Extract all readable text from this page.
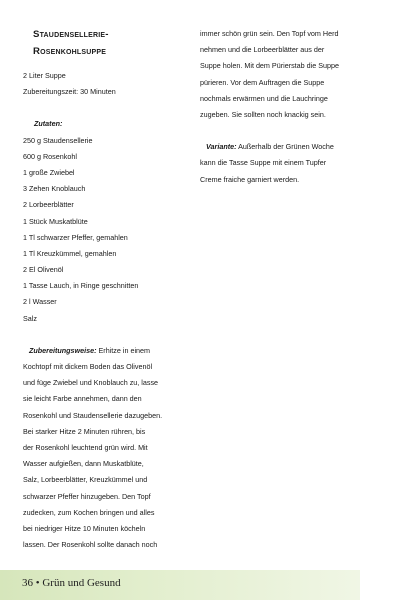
Staudensellerie-
Rosenkohlsuppe
2 Liter Suppe
Zubereitungszeit: 30 Minuten
Zutaten:
250 g Staudensellerie
600 g Rosenkohl
1 große Zwiebel
3 Zehen Knoblauch
2 Lorbeerblätter
1 Stück Muskatblüte
1 Tl schwarzer Pfeffer, gemahlen
1 Tl Kreuzkümmel, gemahlen
2 El Olivenöl
1 Tasse Lauch, in Ringe geschnitten
2 l Wasser
Salz
Zubereitungsweise: Erhitze in einem
Kochtopf mit dickem Boden das Olivenöl
und füge Zwiebel und Knoblauch zu, lasse
sie leicht Farbe annehmen, dann den
Rosenkohl und Staudensellerie dazugeben.
Bei starker Hitze 2 Minuten rühren, bis
der Rosenkohl leuchtend grün wird. Mit
Wasser aufgießen, dann Muskatblüte,
Salz, Lorbeerblätter, Kreuzkümmel und
schwarzer Pfeffer hinzugeben. Den Topf
zudecken, zum Kochen bringen und alles
bei niedriger Hitze 10 Minuten köcheln
lassen. Der Rosenkohl sollte danach noch
immer schön grün sein. Den Topf vom Herd
nehmen und die Lorbeerblätter aus der
Suppe holen. Mit dem Pürierstab die Suppe
pürieren. Vor dem Auftragen die Suppe
nochmals erwärmen und die Lauchringe
zugeben. Sie sollten noch knackig sein.
Variante: Außerhalb der Grünen Woche
kann die Tasse Suppe mit einem Tupfer
Creme fraiche garniert werden.
36 • Grün und Gesund
